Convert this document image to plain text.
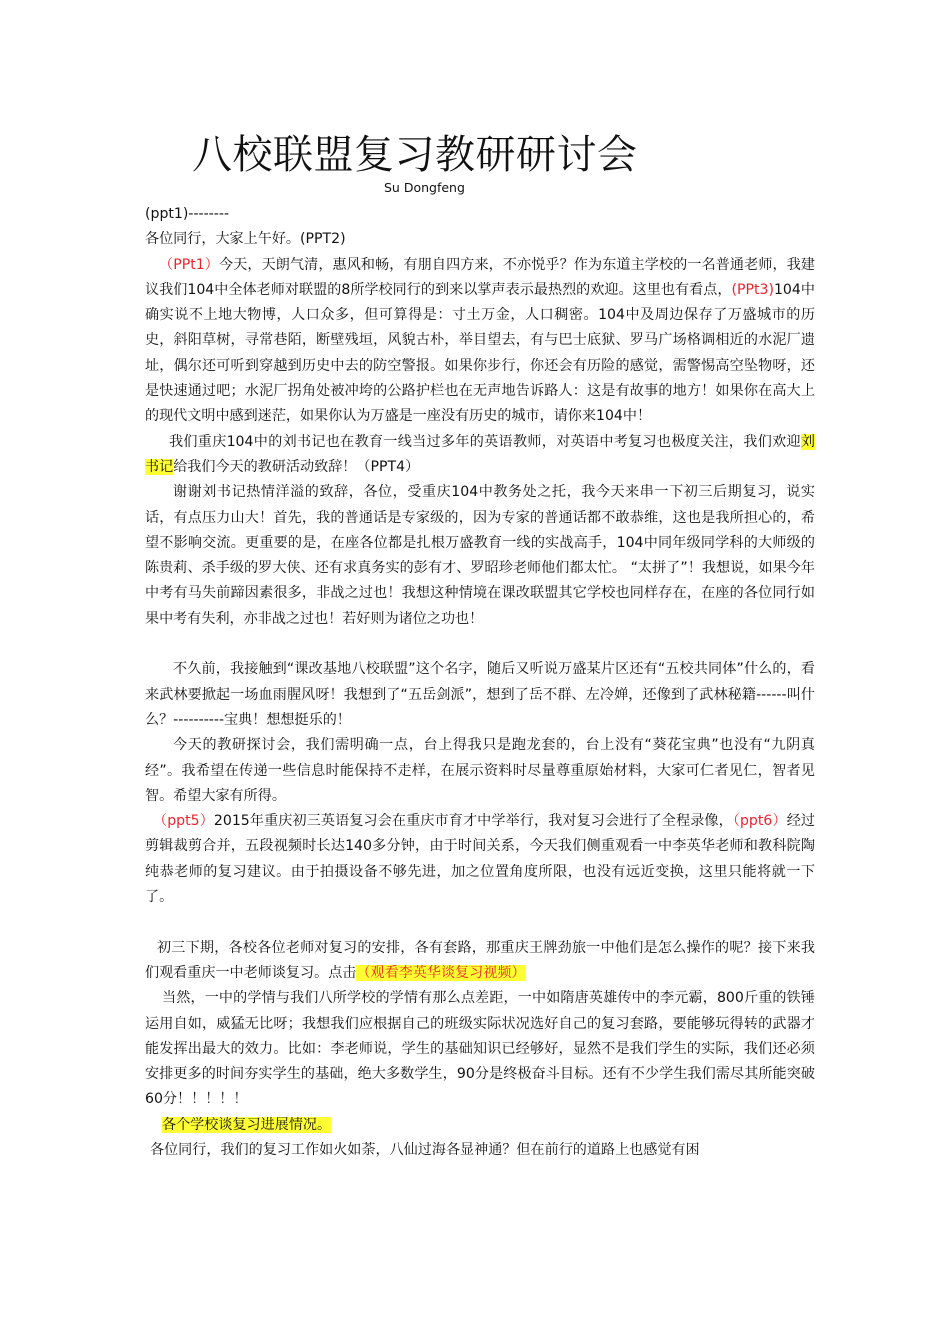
八校联盟复习教研研讨会
Su Dongfeng

(ppt1)--------

各位同行，大家上午好。(PPT2)

（PPt1）今天，天朗气清，惠风和畅，有朋自四方来，不亦悦乎？作为东道主学校的一名普通老师，我建议我们104中全体老师对联盟的8所学校同行的到来以掌声表示最热烈的欢迎。这里也有看点，(PPt3)104中确实说不上地大物博，人口众多，但可算得是：寸土万金，人口稠密。104中及周边保存了万盛城市的历史，斜阳草树，寻常巷陌，断壁残垣，风貌古朴，举目望去，有与巴士底狱、罗马广场格调相近的水泥厂遗址，偶尔还可听到穿越到历史中去的防空警报。如果你步行，你还会有历险的感觉，需警惕高空坠物呀，还是快速通过吧；水泥厂拐角处被冲垮的公路护栏也在无声地告诉路人：这是有故事的地方！如果你在高大上的现代文明中感到迷茫，如果你认为万盛是一座没有历史的城市，请你来104中！

我们重庆104中的刘书记也在教育一线当过多年的英语教师，对英语中考复习也极度关注，我们欢迎刘书记给我们今天的教研活动致辞！（PPT4）

谢谢刘书记热情洋溢的致辞，各位，受重庆104中教务处之托，我今天来串一下初三后期复习，说实话，有点压力山大！首先，我的普通话是专家级的，因为专家的普通话都不敢恭维，这也是我所担心的，希望不影响交流。更重要的是，在座各位都是扎根万盛教育一线的实战高手，104中同年级同学科的大师级的陈贵莉、杀手级的罗大侠、还有求真务实的彭有才、罗昭珍老师他们都太忙。 “太拼了”！我想说，如果今年中考有马失前蹄因素很多，非战之过也！我想这种情境在课改联盟其它学校也同样存在，在座的各位同行如果中考有失利，亦非战之过也！若好则为诸位之功也！

不久前，我接触到“课改基地八校联盟”这个名字，随后又听说万盛某片区还有“五校共同体”什么的，看来武林要掀起一场血雨腥风呀！我想到了“五岳剑派”，想到了岳不群、左冷婵，还像到了武林秘籍------叫什么？----------宝典！想想挺乐的！

今天的教研探讨会，我们需明确一点，台上得我只是跑龙套的，台上没有“葵花宝典”也没有“九阴真经”。我希望在传递一些信息时能保持不走样，在展示资料时尽量尊重原始材料，大家可仁者见仁，智者见智。希望大家有所得。

（ppt5）2015年重庆初三英语复习会在重庆市育才中学举行，我对复习会进行了全程录像，（ppt6）经过剪辑裁剪合并，五段视频时长达140多分钟，由于时间关系，今天我们侧重观看一中李英华老师和教科院陶纯恭老师的复习建议。由于拍摄设备不够先进，加之位置角度所限，也没有远近变换，这里只能将就一下了。

初三下期，各校各位老师对复习的安排，各有套路，那重庆王牌劲旅一中他们是怎么操作的呢？接下来我们观看重庆一中老师谈复习。点击（观看李英华谈复习视频）

当然，一中的学情与我们八所学校的学情有那么点差距，一中如隋唐英雄传中的李元霸，800斤重的铁锤运用自如，威猛无比呀；我想我们应根据自己的班级实际状况选好自己的复习套路，要能够玩得转的武器才能发挥出最大的效力。比如：李老师说，学生的基础知识已经够好，显然不是我们学生的实际，我们还必须安排更多的时间夯实学生的基础，绝大多数学生，90分是终极奋斗目标。还有不少学生我们需尽其所能突破60分！！！！！

各个学校谈复习进展情况。

各位同行，我们的复习工作如火如荼，八仙过海各显神通？但在前行的道路上也感觉有困
